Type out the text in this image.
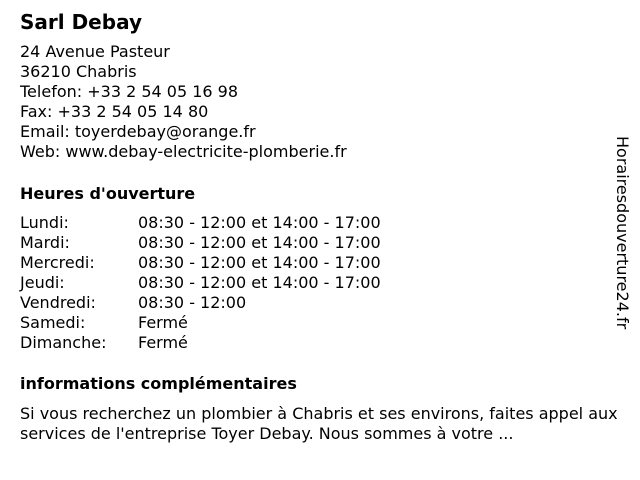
Sarl Debay
24 Avenue Pasteur
36210 Chabris
Telefon: +33 2 54 05 16 98
Fax: +33 2 54 05 14 80
Email: toyerdebay@orange.fr
Web: www.debay-electricite-plomberie.fr
Heures d'ouverture
Lundi:	08:30 - 12:00 et 14:00 - 17:00
Mardi:	08:30 - 12:00 et 14:00 - 17:00
Mercredi:	08:30 - 12:00 et 14:00 - 17:00
Jeudi:	08:30 - 12:00 et 14:00 - 17:00
Vendredi:	08:30 - 12:00
Samedi:	Fermé
Dimanche:	Fermé
informations complémentaires
Si vous recherchez un plombier à Chabris et ses environs, faites appel aux services de l'entreprise Toyer Debay. Nous sommes à votre ...
Horairesdouverture24.fr
